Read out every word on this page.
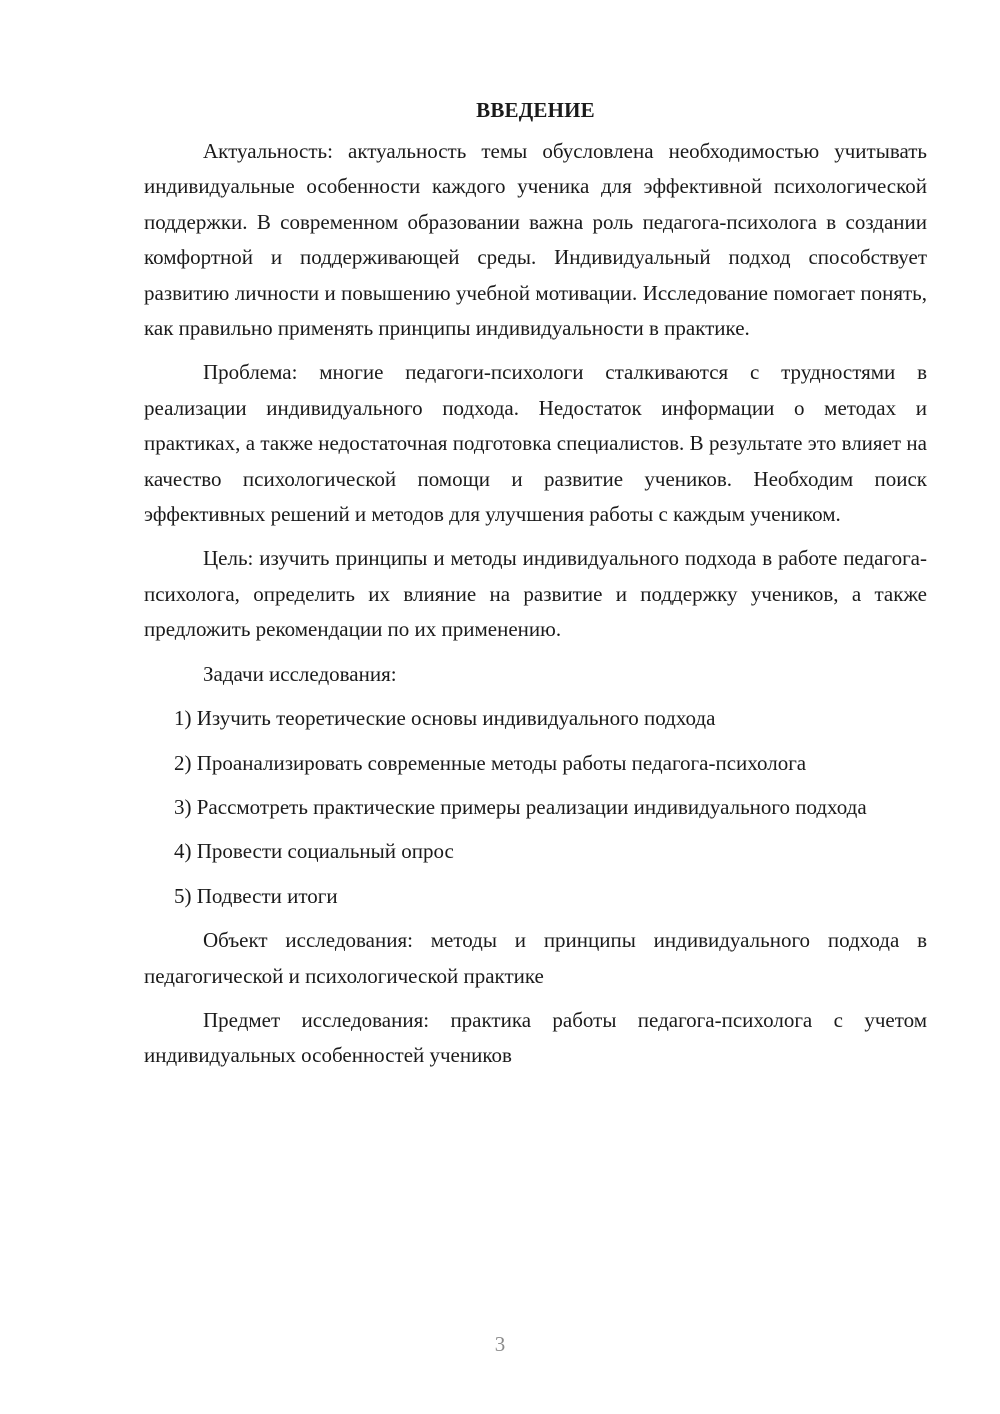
ВВЕДЕНИЕ

Актуальность: актуальность темы обусловлена необходимостью учитывать индивидуальные особенности каждого ученика для эффективной психологической поддержки. В современном образовании важна роль педагога-психолога в создании комфортной и поддерживающей среды. Индивидуальный подход способствует развитию личности и повышению учебной мотивации. Исследование помогает понять, как правильно применять принципы индивидуальности в практике.

Проблема: многие педагоги-психологи сталкиваются с трудностями в реализации индивидуального подхода. Недостаток информации о методах и практиках, а также недостаточная подготовка специалистов. В результате это влияет на качество психологической помощи и развитие учеников. Необходим поиск эффективных решений и методов для улучшения работы с каждым учеником.

Цель: изучить принципы и методы индивидуального подхода в работе педагога-психолога, определить их влияние на развитие и поддержку учеников, а также предложить рекомендации по их применению.

Задачи исследования:

1) Изучить теоретические основы индивидуального подхода

2) Проанализировать современные методы работы педагога-психолога

3) Рассмотреть практические примеры реализации индивидуального подхода

4) Провести социальный опрос

5) Подвести итоги

Объект исследования: методы и принципы индивидуального подхода в педагогической и психологической практике

Предмет исследования: практика работы педагога-психолога с учетом индивидуальных особенностей учеников

3
